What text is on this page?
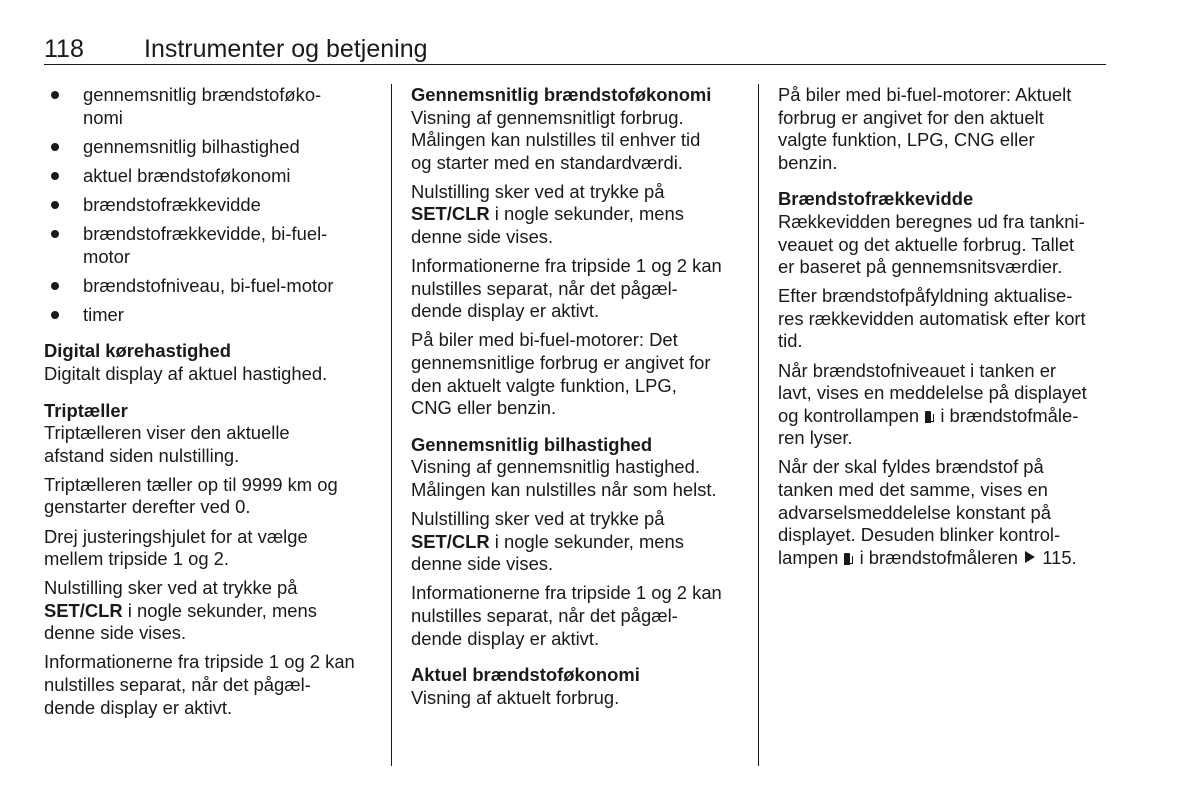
118 Instrumenter og betjening
gennemsnitlig brændstoføko-
nomi
gennemsnitlig bilhastighed
aktuel brændstoføkonomi
brændstofrækkevidde
brændstofrækkevidde, bi-fuel-
motor
brændstofniveau, bi-fuel-motor
timer

Digital kørehastighed

Digitalt display af aktuel hastighed.

Triptæller

Triptælleren viser den aktuelle
afstand siden nulstilling.

Triptælleren tæller op til 9999 km og
genstarter derefter ved 0.

Drej justeringshjulet for at vælge
mellem tripside 1 og 2.

Nulstilling sker ved at trykke på
SET/CLR i nogle sekunder, mens
denne side vises.

Informationerne fra tripside 1 og 2 kan
nulstilles separat, når det pågæl-
dende display er aktivt.

Gennemsnitlig brændstoføkonomi

Visning af gennemsnitligt forbrug.
Målingen kan nulstilles til enhver tid
og starter med en standardværdi.

Nulstilling sker ved at trykke på
SET/CLR i nogle sekunder, mens
denne side vises.

Informationerne fra tripside 1 og 2 kan
nulstilles separat, når det pågæl-
dende display er aktivt.

På biler med bi-fuel-motorer: Det
gennemsnitlige forbrug er angivet for
den aktuelt valgte funktion, LPG,
CNG eller benzin.

Gennemsnitlig bilhastighed

Visning af gennemsnitlig hastighed.
Målingen kan nulstilles når som helst.

Nulstilling sker ved at trykke på
SET/CLR i nogle sekunder, mens
denne side vises.

Informationerne fra tripside 1 og 2 kan
nulstilles separat, når det pågæl-
dende display er aktivt.

Aktuel brændstoføkonomi

Visning af aktuelt forbrug.

På biler med bi-fuel-motorer: Aktuelt
forbrug er angivet for den aktuelt
valgte funktion, LPG, CNG eller
benzin.

Brændstofrækkevidde

Rækkevidden beregnes ud fra tankni-
veauet og det aktuelle forbrug. Tallet
er baseret på gennemsnitsværdier.

Efter brændstofpåfyldning aktualise-
res rækkevidden automatisk efter kort
tid.

Når brændstofniveauet i tanken er
lavt, vises en meddelelse på displayet
og kontrollampen  i brændstofmåle-
ren lyser.

Når der skal fyldes brændstof på
tanken med det samme, vises en
advarselsmeddelelse konstant på
displayet. Desuden blinker kontrol-
lampen  i brændstofmåleren  115.
